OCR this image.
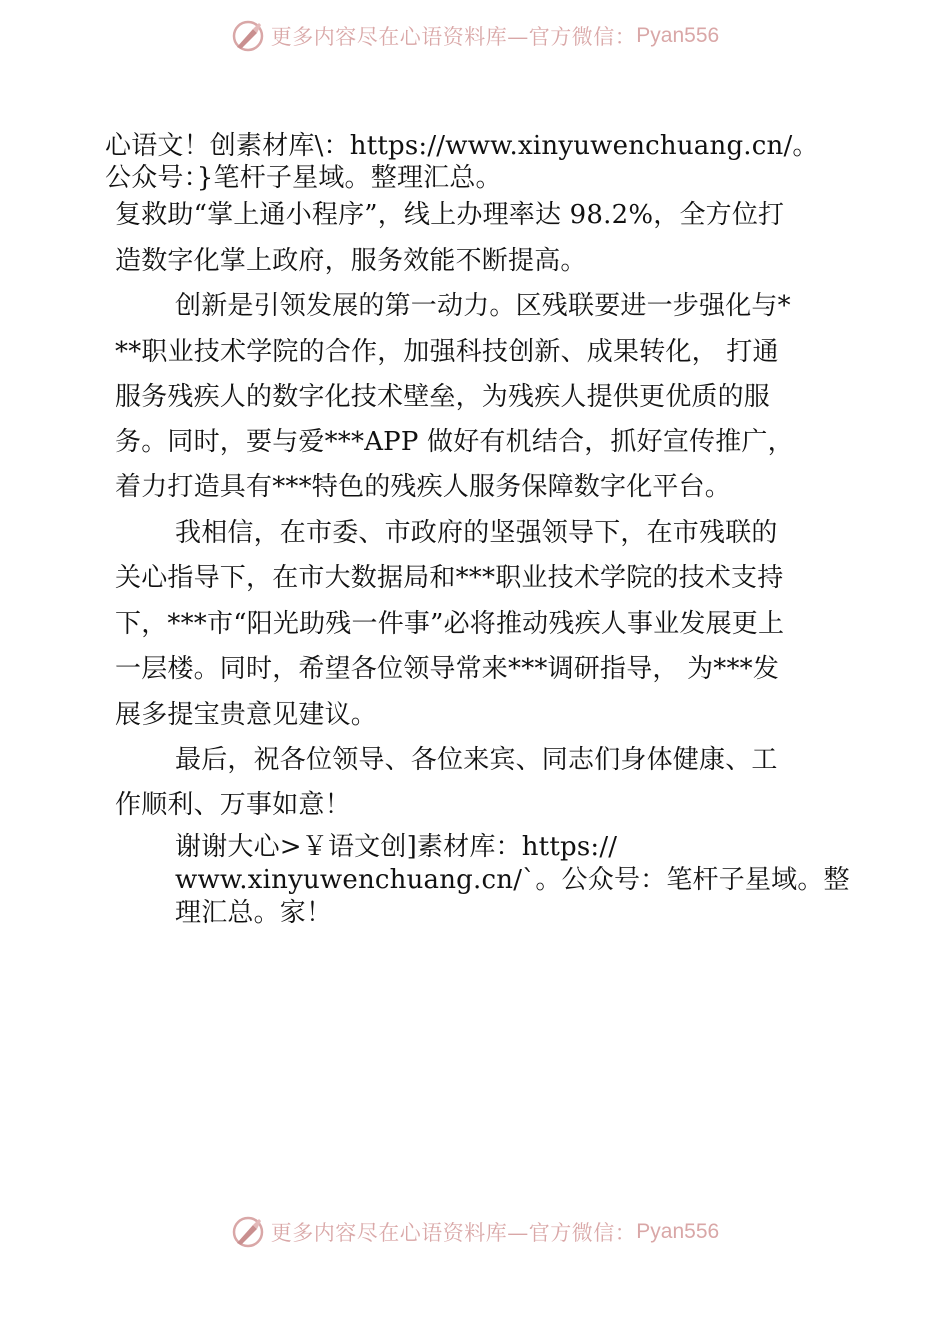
更多内容尽在心语资料库—官方微信： Pyan556
心语文！创素材库\：https://www.xinyuwenchuang.cn/。
公众号：}笔杆子星域。整理汇总。
复救助“掌上通小程序”，线上办理率达 98.2%，全方位打
造数字化掌上政府，服务效能不断提高。
创新是引领发展的第一动力。区残联要进一步强化与*
**职业技术学院的合作，加强科技创新、成果转化， 打通
服务残疾人的数字化技术壁垒，为残疾人提供更优质的服
务。同时，要与爱***APP 做好有机结合，抓好宣传推广，
着力打造具有***特色的残疾人服务保障数字化平台。
我相信，在市委、市政府的坚强领导下，在市残联的
关心指导下，在市大数据局和***职业技术学院的技术支持
下，***市“阳光助残一件事”必将推动残疾人事业发展更上
一层楼。同时，希望各位领导常来***调研指导， 为***发
展多提宝贵意见建议。
最后，祝各位领导、各位来宾、同志们身体健康、工
作顺利、万事如意！
谢谢大心>￥语文创]素材库：https://
www.xinyuwenchuang.cn/`。公众号：笔杆子星域。整
理汇总。家！
更多内容尽在心语资料库—官方微信： Pyan556
